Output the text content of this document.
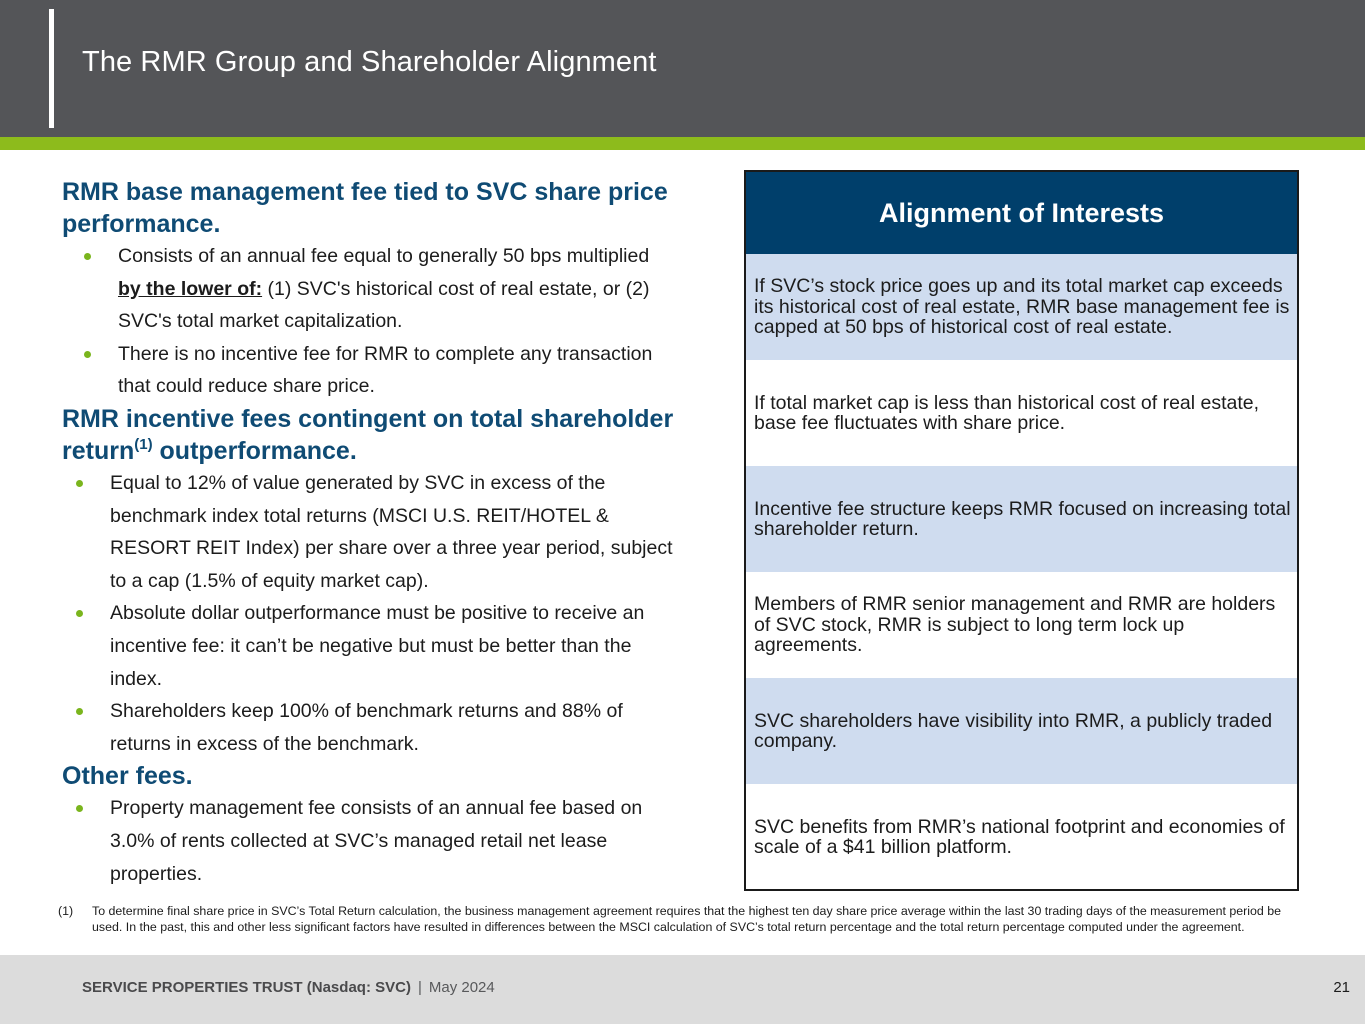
The RMR Group and Shareholder Alignment
RMR base management fee tied to SVC share price performance.
Consists of an annual fee equal to generally 50 bps multiplied by the lower of: (1) SVC's historical cost of real estate, or (2) SVC's total market capitalization.
There is no incentive fee for RMR to complete any transaction that could reduce share price.
RMR incentive fees contingent on total shareholder return$^{(1)}$ outperformance.
Equal to 12% of value generated by SVC in excess of the benchmark index total returns (MSCI U.S. REIT/HOTEL & RESORT REIT Index) per share over a three year period, subject to a cap (1.5% of equity market cap).
Absolute dollar outperformance must be positive to receive an incentive fee: it can’t be negative but must be better than the index.
Shareholders keep 100% of benchmark returns and 88% of returns in excess of the benchmark.
Other fees.
Property management fee consists of an annual fee based on 3.0% of rents collected at SVC’s managed retail net lease properties.
Alignment of Interests
If SVC’s stock price goes up and its total market cap exceeds its historical cost of real estate, RMR base management fee is capped at 50 bps of historical cost of real estate.
If total market cap is less than historical cost of real estate, base fee fluctuates with share price.
Incentive fee structure keeps RMR focused on increasing total shareholder return.
Members of RMR senior management and RMR are holders of SVC stock, RMR is subject to long term lock up agreements.
SVC shareholders have visibility into RMR, a publicly traded company.
SVC benefits from RMR’s national footprint and economies of scale of a $41 billion platform.
(1)	To determine final share price in SVC’s Total Return calculation, the business management agreement requires that the highest ten day share price average within the last 30 trading days of the measurement period be used. In the past, this and other less significant factors have resulted in differences between the MSCI calculation of SVC’s total return percentage and the total return percentage computed under the agreement.
SERVICE PROPERTIES TRUST (Nasdaq: SVC) | May 2024	21
